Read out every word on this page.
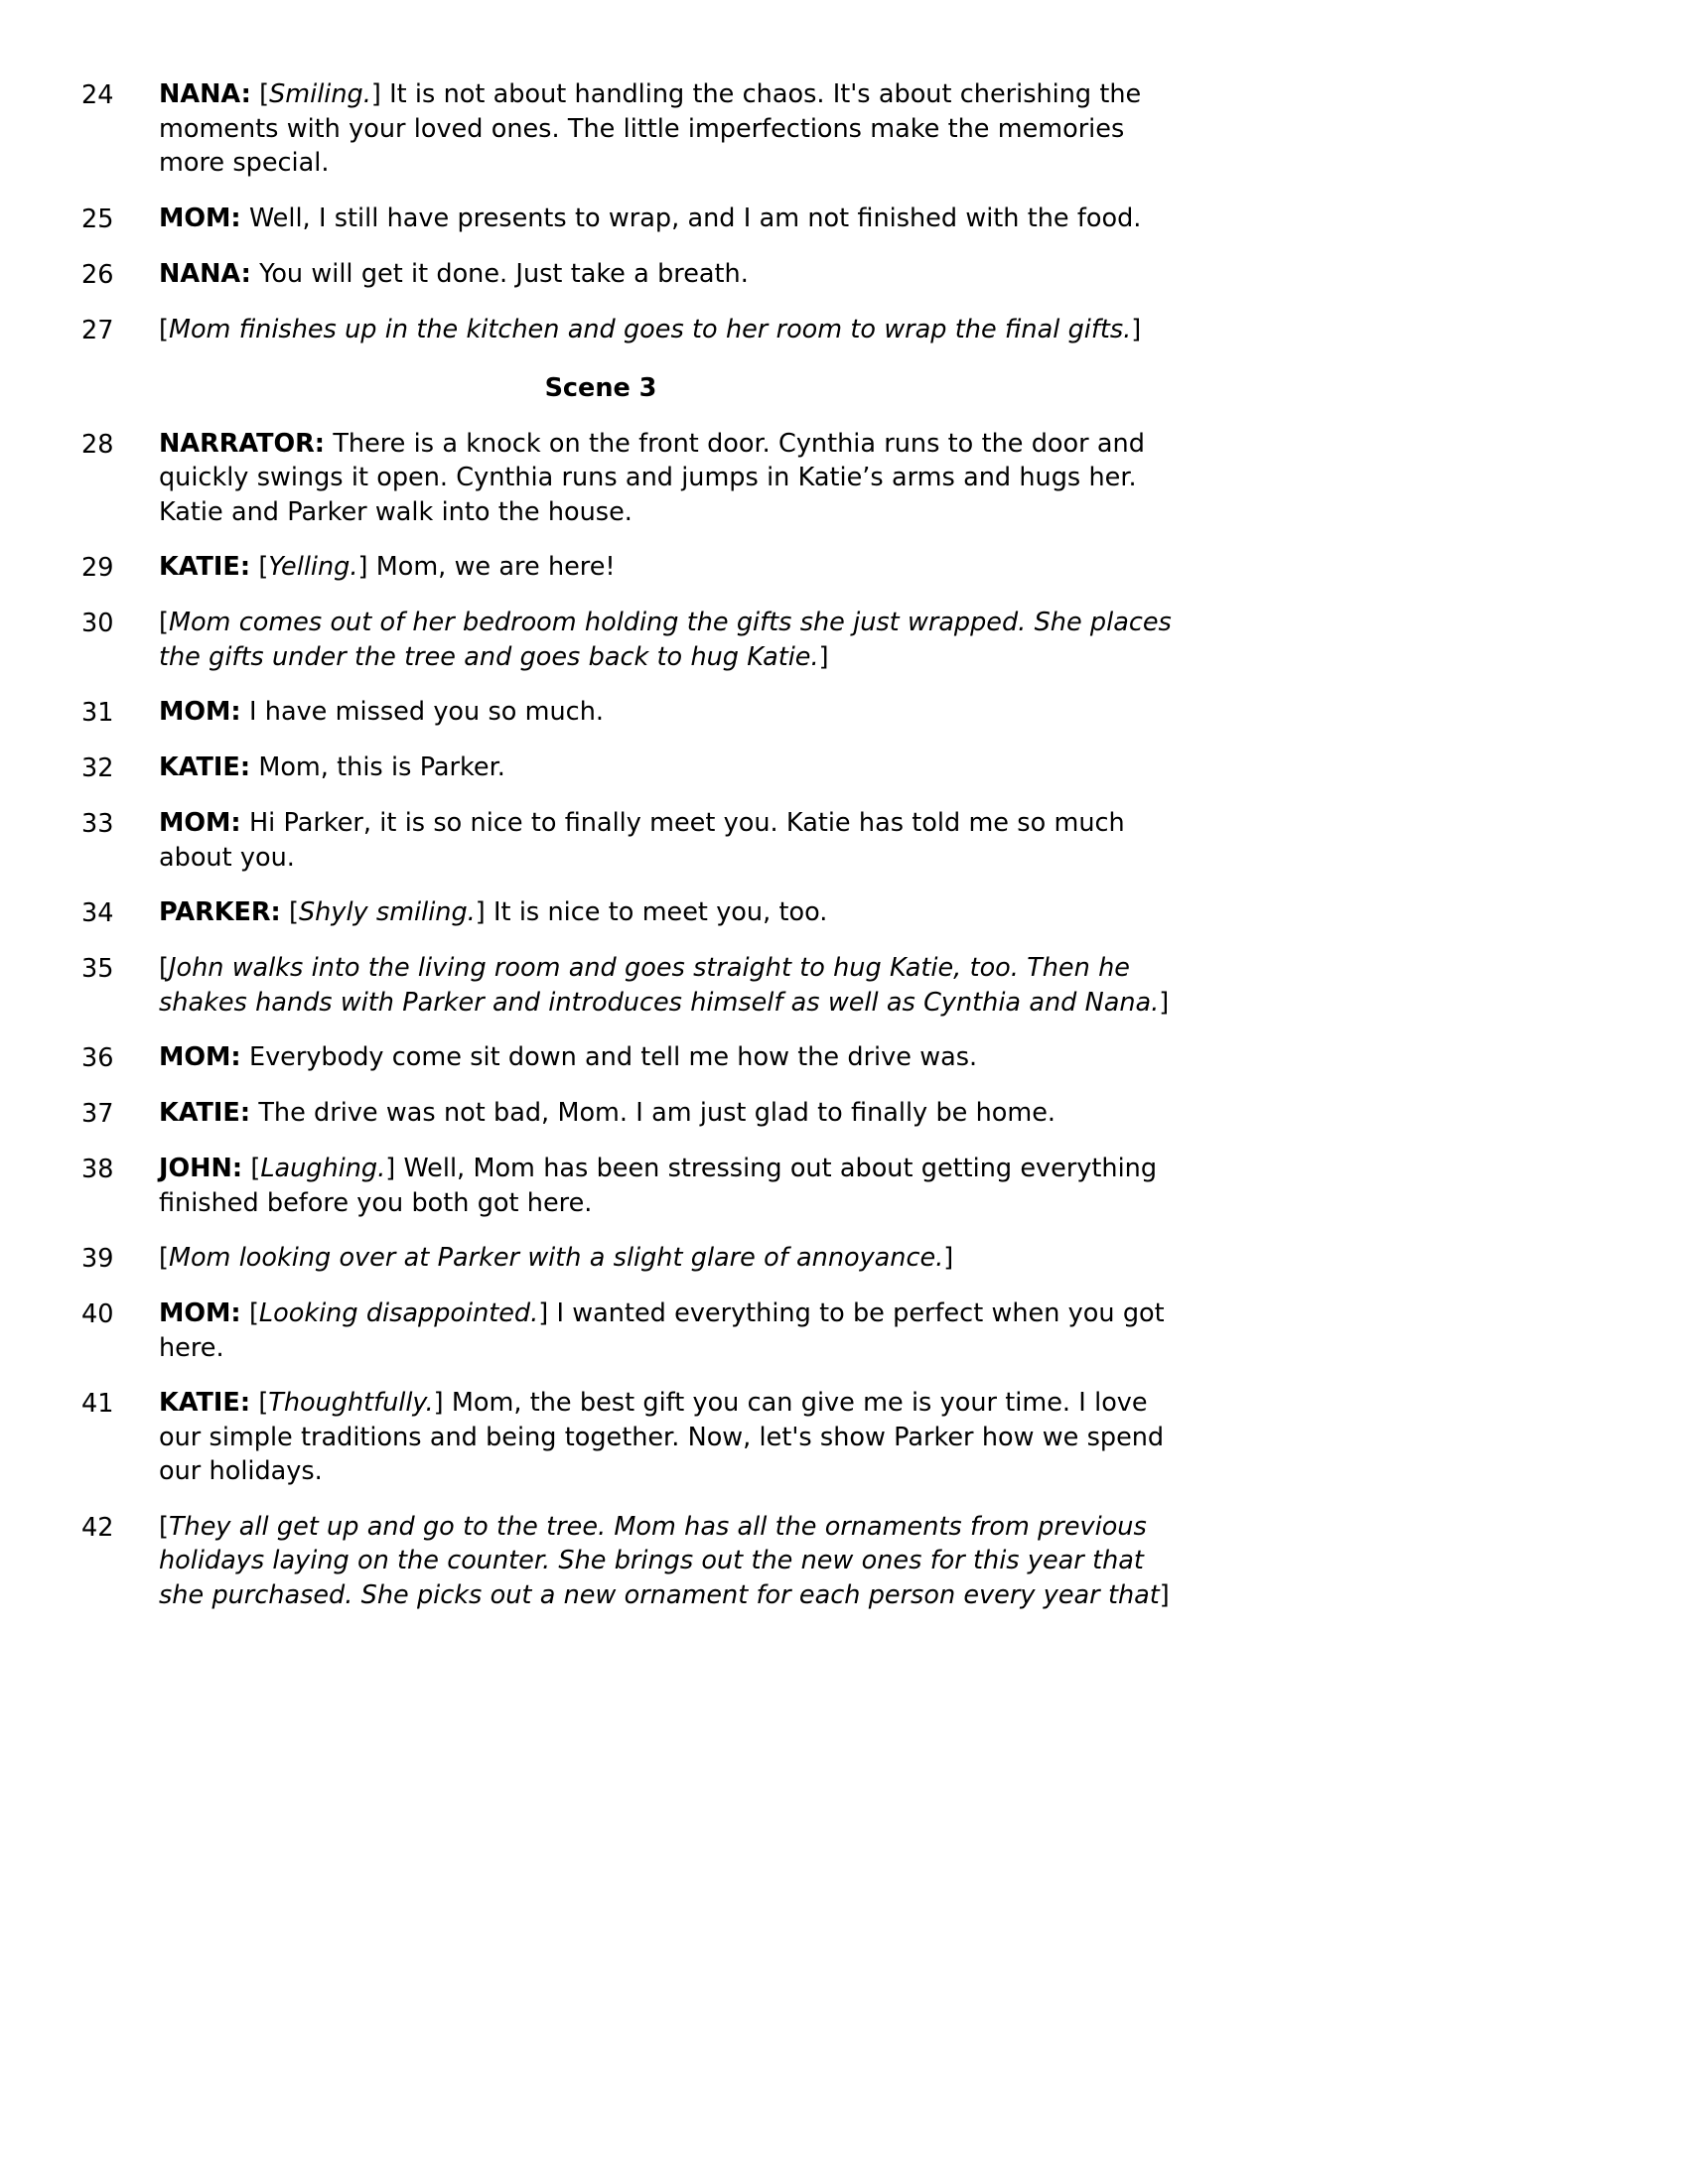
24	NANA: [Smiling.] It is not about handling the chaos. It's about cherishing the moments with your loved ones. The little imperfections make the memories more special.
25	MOM: Well, I still have presents to wrap, and I am not finished with the food.
26	NANA: You will get it done. Just take a breath.
27	[Mom finishes up in the kitchen and goes to her room to wrap the final gifts.]
Scene 3
28	NARRATOR: There is a knock on the front door. Cynthia runs to the door and quickly swings it open. Cynthia runs and jumps in Katie’s arms and hugs her. Katie and Parker walk into the house.
29	KATIE: [Yelling.] Mom, we are here!
30	[Mom comes out of her bedroom holding the gifts she just wrapped. She places the gifts under the tree and goes back to hug Katie.]
31	MOM: I have missed you so much.
32	KATIE: Mom, this is Parker.
33	MOM: Hi Parker, it is so nice to finally meet you. Katie has told me so much about you.
34	PARKER: [Shyly smiling.] It is nice to meet you, too.
35	[John walks into the living room and goes straight to hug Katie, too. Then he shakes hands with Parker and introduces himself as well as Cynthia and Nana.]
36	MOM: Everybody come sit down and tell me how the drive was.
37	KATIE: The drive was not bad, Mom. I am just glad to finally be home.
38	JOHN: [Laughing.] Well, Mom has been stressing out about getting everything finished before you both got here.
39	[Mom looking over at Parker with a slight glare of annoyance.]
40	MOM: [Looking disappointed.] I wanted everything to be perfect when you got here.
41	KATIE: [Thoughtfully.] Mom, the best gift you can give me is your time. I love our simple traditions and being together. Now, let's show Parker how we spend our holidays.
42	[They all get up and go to the tree. Mom has all the ornaments from previous holidays laying on the counter. She brings out the new ones for this year that she purchased. She picks out a new ornament for each person every year that]
